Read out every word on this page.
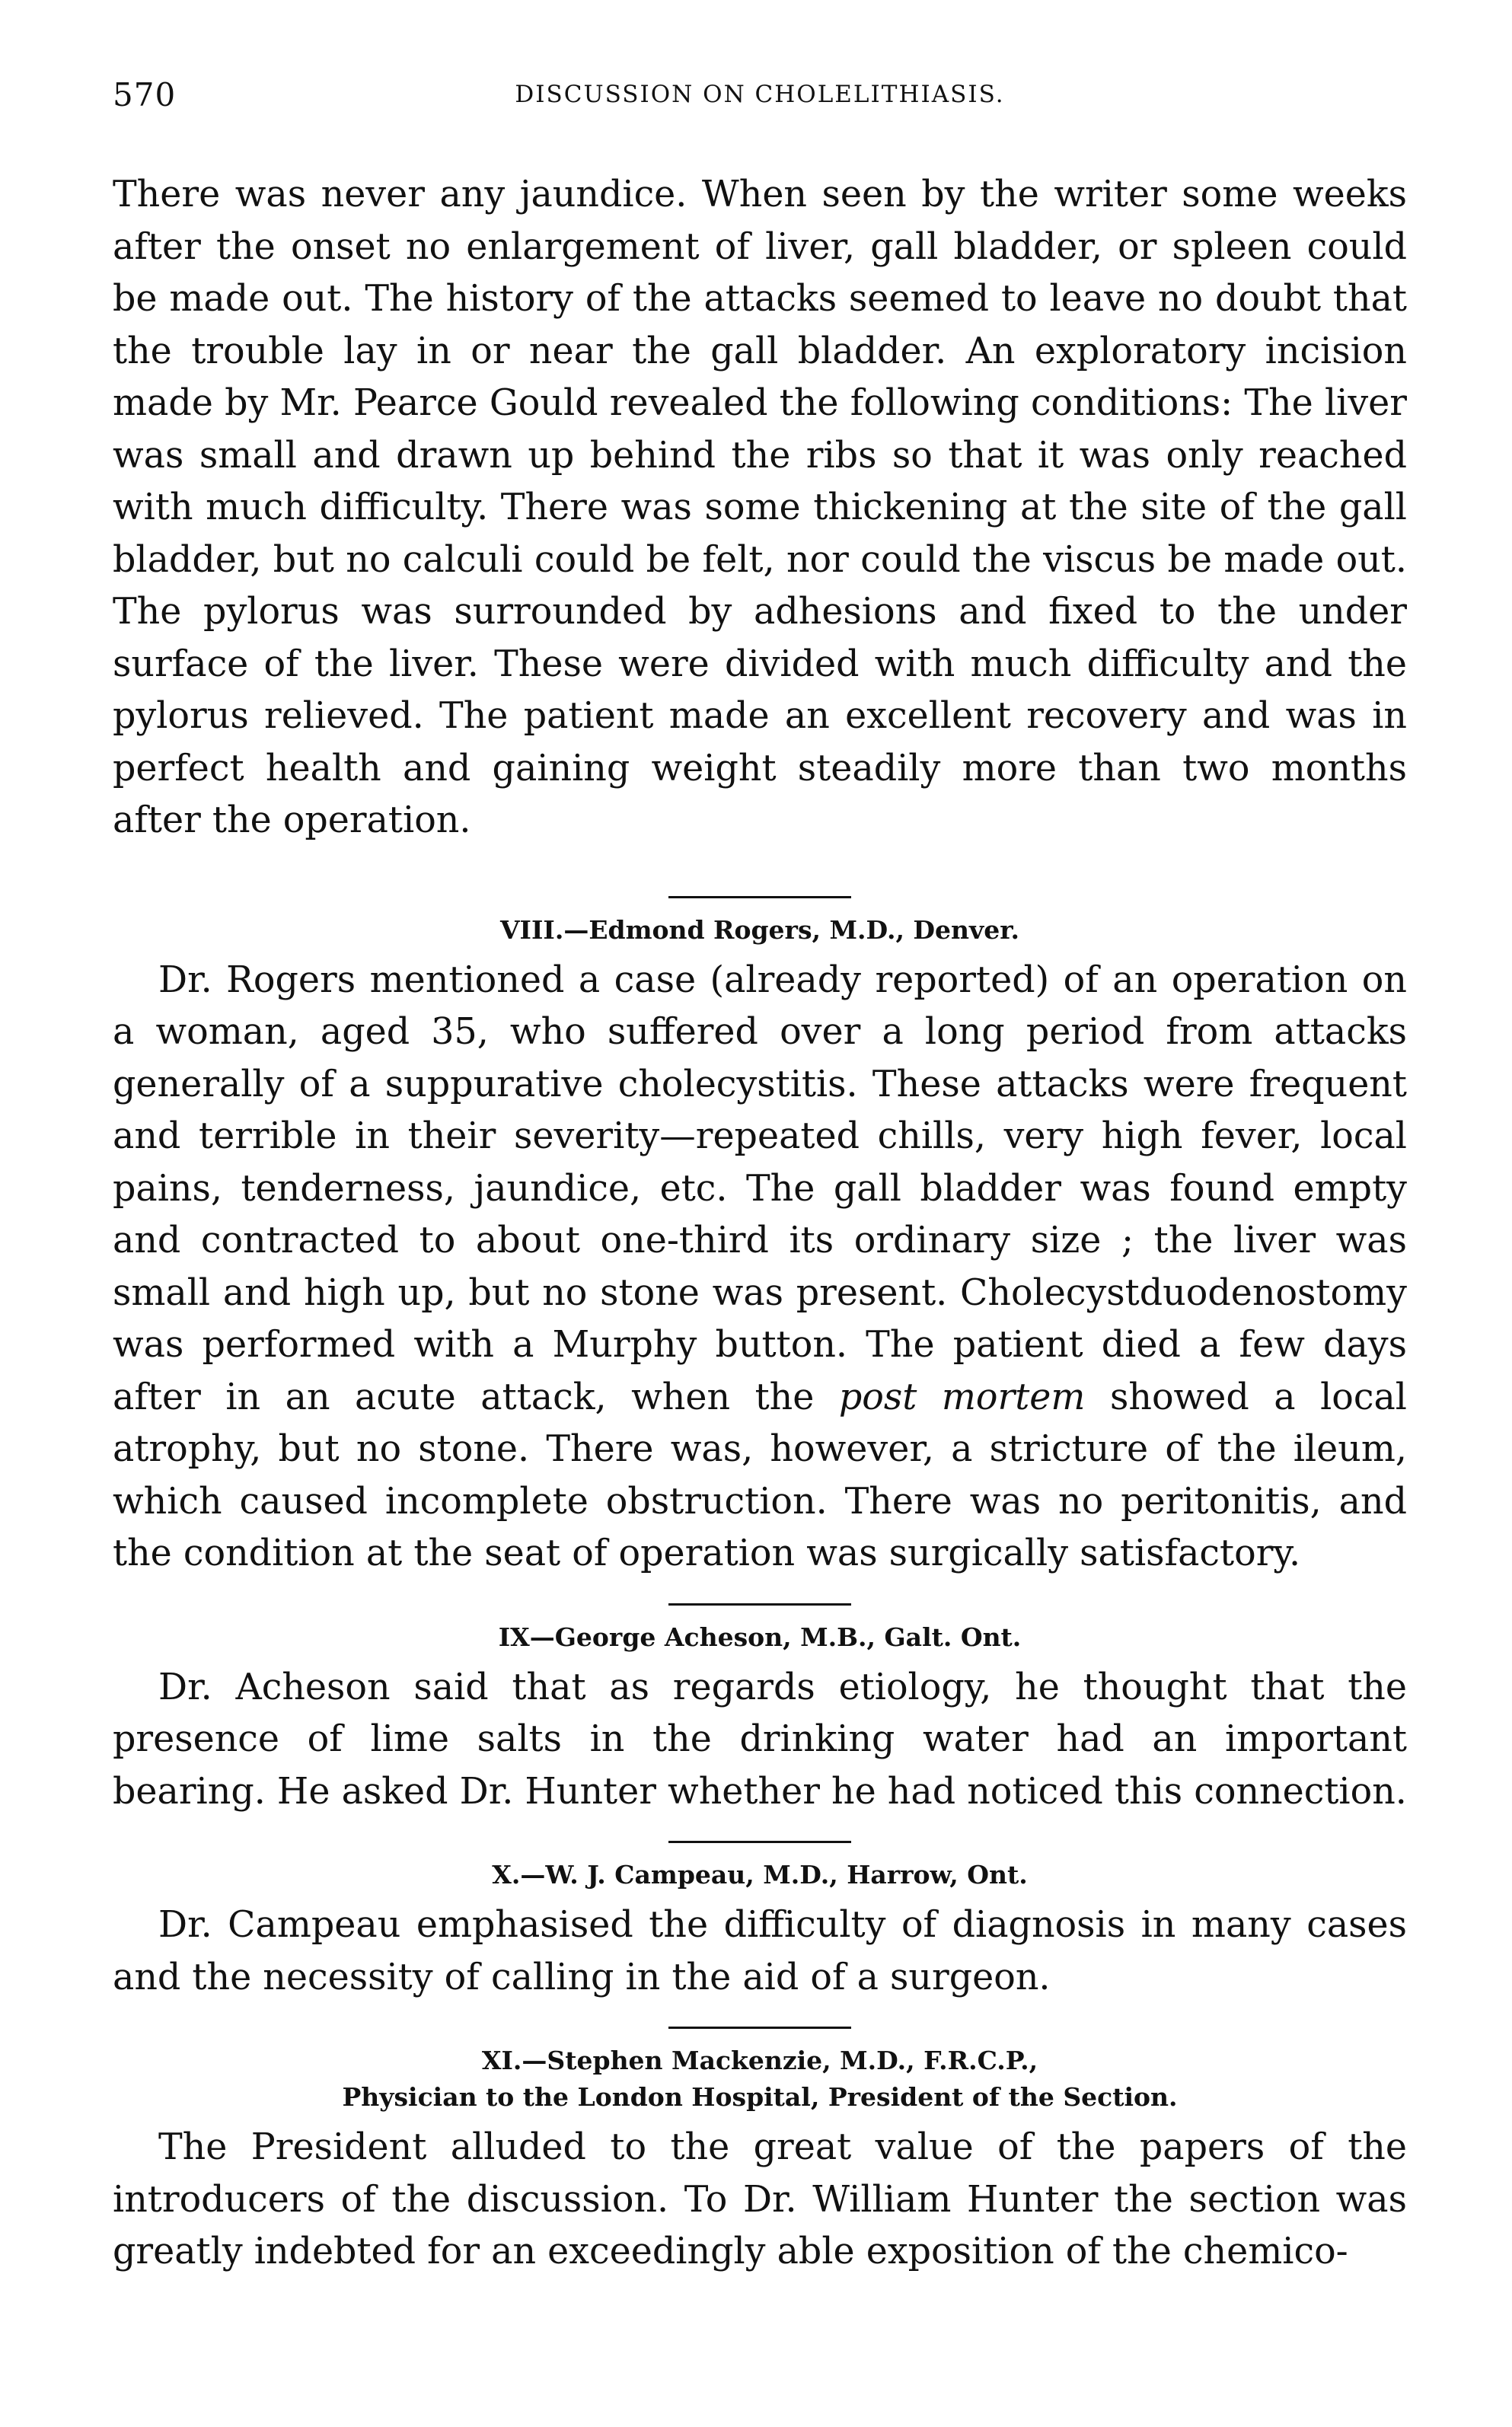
570	DISCUSSION ON CHOLELITHIASIS.

There was never any jaundice. When seen by the writer some weeks after the onset no enlargement of liver, gall bladder, or spleen could be made out. The history of the attacks seemed to leave no doubt that the trouble lay in or near the gall bladder. An exploratory incision made by Mr. Pearce Gould revealed the following conditions: The liver was small and drawn up behind the ribs so that it was only reached with much difficulty. There was some thickening at the site of the gall bladder, but no calculi could be felt, nor could the viscus be made out. The pylorus was surrounded by adhesions and fixed to the under surface of the liver. These were divided with much difficulty and the pylorus relieved. The patient made an excellent recovery and was in perfect health and gaining weight steadily more than two months after the operation.

VIII.—Edmond Rogers, M.D., Denver.

Dr. Rogers mentioned a case (already reported) of an operation on a woman, aged 35, who suffered over a long period from attacks generally of a suppurative cholecystitis. These attacks were frequent and terrible in their severity—repeated chills, very high fever, local pains, tenderness, jaundice, etc. The gall bladder was found empty and contracted to about one-third its ordinary size ; the liver was small and high up, but no stone was present. Cholecystduodenostomy was performed with a Murphy button. The patient died a few days after in an acute attack, when the post mortem showed a local atrophy, but no stone. There was, however, a stricture of the ileum, which caused incomplete obstruction. There was no peritonitis, and the condition at the seat of operation was surgically satisfactory.

IX—George Acheson, M.B., Galt. Ont.

Dr. Acheson said that as regards etiology, he thought that the presence of lime salts in the drinking water had an important bearing. He asked Dr. Hunter whether he had noticed this connection.

X.—W. J. Campeau, M.D., Harrow, Ont.

Dr. Campeau emphasised the difficulty of diagnosis in many cases and the necessity of calling in the aid of a surgeon.

XI.—Stephen Mackenzie, M.D., F.R.C.P.,

Physician to the London Hospital, President of the Section.

The President alluded to the great value of the papers of the introducers of the discussion. To Dr. William Hunter the section was greatly indebted for an exceedingly able exposition of the chemico-
